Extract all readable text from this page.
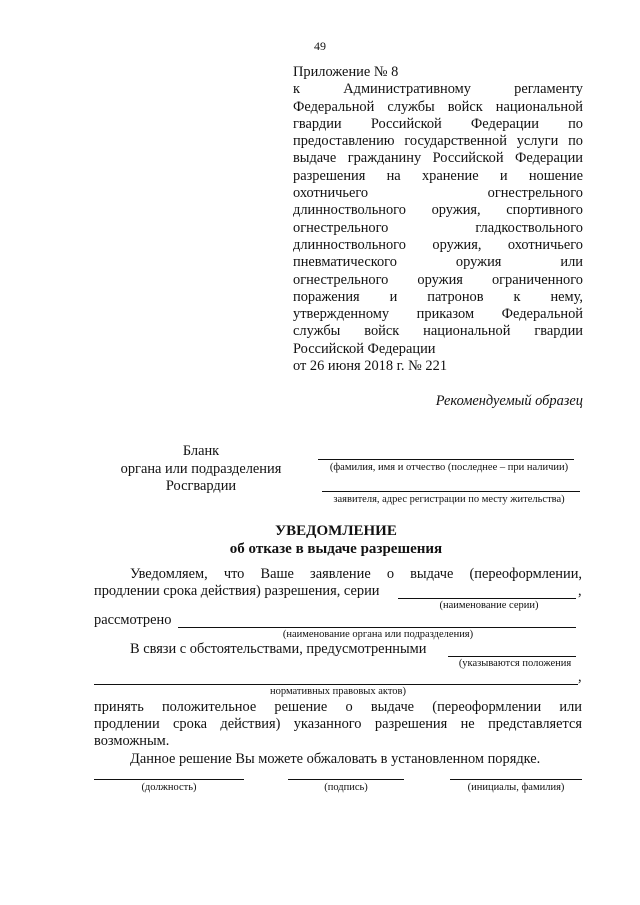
49
Приложение № 8
к Административному регламенту
Федеральной службы войск национальной
гвардии Российской Федерации по
предоставлению государственной услуги по
выдаче гражданину Российской Федерации
разрешения на хранение и ношение
охотничьего огнестрельного
длинноствольного оружия, спортивного
огнестрельного гладкоствольного
длинноствольного оружия, охотничьего
пневматического оружия или
огнестрельного оружия ограниченного
поражения и патронов к нему,
утвержденному приказом Федеральной
службы войск национальной гвардии
Российской Федерации
от 26 июня 2018 г. № 221
Рекомендуемый образец
Бланк
органа или подразделения
Росгвардии
(фамилия, имя и отчество (последнее – при наличии)
заявителя, адрес регистрации по месту жительства)
УВЕДОМЛЕНИЕ
об отказе в выдаче разрешения
Уведомляем, что Ваше заявление о выдаче (переоформлении,
продлении срока действия) разрешения, серии	,
(наименование серии)
рассмотрено
(наименование органа или подразделения)
В связи с обстоятельствами, предусмотренными
(указываются положения
,
нормативных правовых актов)
принять положительное решение о выдаче (переоформлении или
продлении срока действия) указанного разрешения не представляется
возможным.
Данное решение Вы можете обжаловать в установленном порядке.
(должность)	(подпись)	(инициалы, фамилия)
